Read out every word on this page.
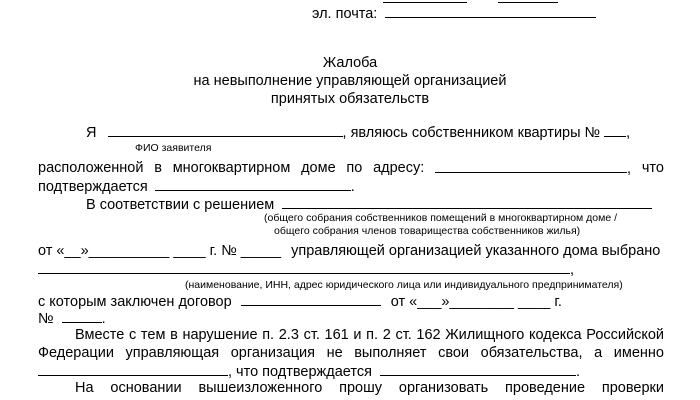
эл. почта:
Жалоба
на невыполнение управляющей организацией
принятых обязательств
Я	, являюсь собственником квартиры № ,
ФИО заявителя
расположенной в многоквартирном доме по адресу:	, что
подтверждается	.
В соответствии с решением
(общего собрания собственников помещений в многоквартирном доме /
общего собрания членов товарищества собственников жилья)
от «__»__________ ____ г. № _____ управляющей организацией указанного дома выбрано
,
(наименование, ИНН, адрес юридического лица или индивидуального предпринимателя)
с которым заключен договор	от «___»________ ____ г.
№	.
Вместе с тем в нарушение п. 2.3 ст. 161 и п. 2 ст. 162 Жилищного кодекса Российской
Федерации управляющая организация не выполняет свои обязательства, а именно
, что подтверждается	.
На основании вышеизложенного прошу организовать проведение проверки
